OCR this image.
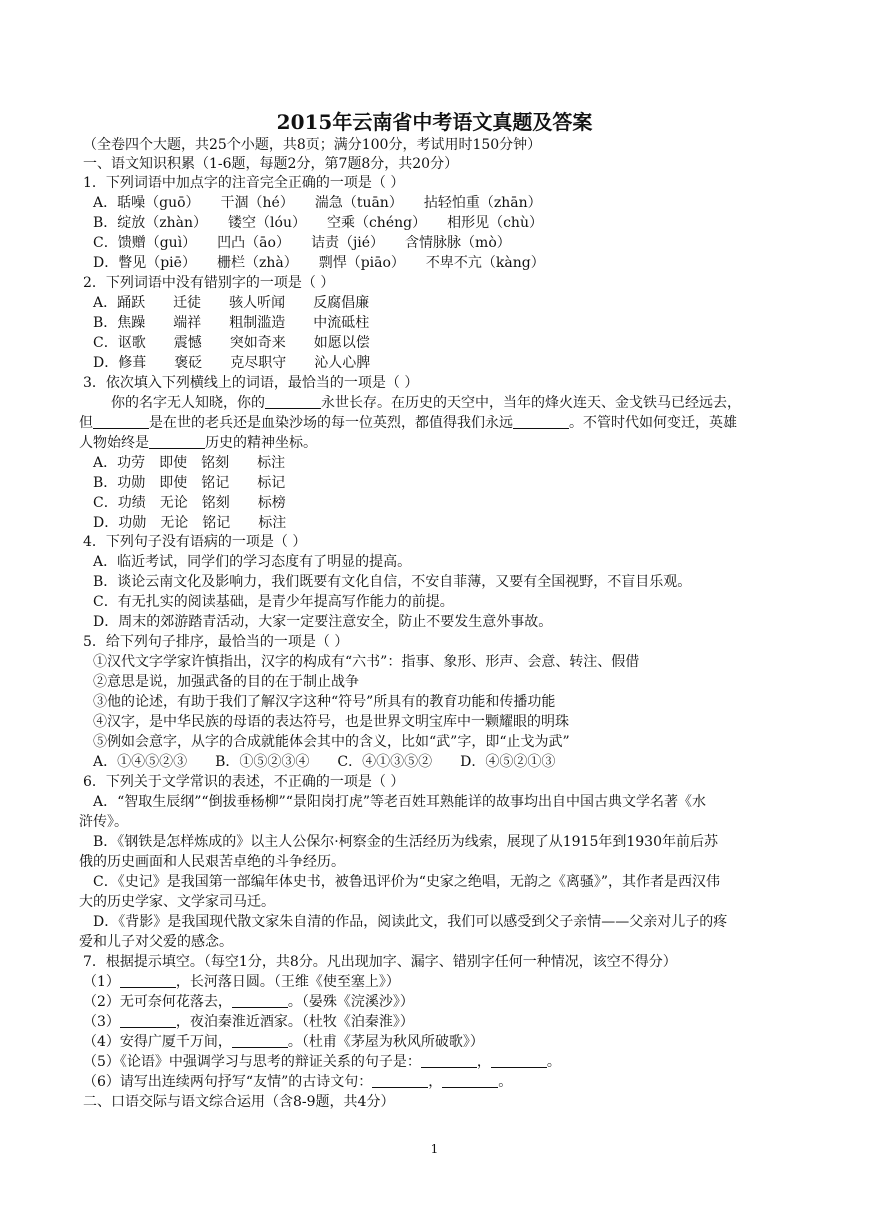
2015年云南省中考语文真题及答案
（全卷四个大题，共25个小题，共8页；满分100分，考试用时150分钟）
一、语文知识积累（1-6题，每题2分，第7题8分，共20分）
1．下列词语中加点字的注音完全正确的一项是（ ）
A．聒噪（guō）　　干涸（hé）　　湍急（tuān）　　拈轻怕重（zhān）
B．绽放（zhàn）　　镂空（lóu）　　空乘（chéng）　　相形见（chù）
C．馈赠（guì）　　凹凸（āo）　　诘责（jié）　　含情脉脉（mò）
D．瞥见（piē）　　栅栏（zhà）　　剽悍（piāo）　　不卑不亢（kàng）
2．下列词语中没有错别字的一项是（ ）
A．踊跃　　迁徒　　骇人听闻　　反腐倡廉
B．焦躁　　端祥　　粗制滥造　　中流砥柱
C．讴歌　　震憾　　突如奇来　　如愿以偿
D．修葺　　褒砭　　克尽职守　　沁人心脾
3．依次填入下列横线上的词语，最恰当的一项是（ ）
你的名字无人知晓，你的	永世长存。在历史的天空中，当年的烽火连天、金戈铁马已经远去，
但	是在世的老兵还是血染沙场的每一位英烈，都值得我们永远	。不管时代如何变迁，英雄
人物始终是	历史的精神坐标。
A．功劳　即使　铭刻　　标注
B．功勋　即使　铭记　　标记
C．功绩　无论　铭刻　　标榜
D．功勋　无论　铭记　　标注
4．下列句子没有语病的一项是（ ）
A．临近考试，同学们的学习态度有了明显的提高。
B．谈论云南文化及影响力，我们既要有文化自信，不安自菲薄，又要有全国视野，不盲目乐观。
C．有无扎实的阅读基础，是青少年提高写作能力的前提。
D．周末的郊游踏青活动，大家一定要注意安全，防止不要发生意外事故。
5．给下列句子排序，最恰当的一项是（ ）
①汉代文字学家许慎指出，汉字的构成有“六书”：指事、象形、形声、会意、转注、假借
②意思是说，加强武备的目的在于制止战争
③他的论述，有助于我们了解汉字这种“符号”所具有的教育功能和传播功能
④汉字，是中华民族的母语的表达符号，也是世界文明宝库中一颗耀眼的明珠
⑤例如会意字，从字的合成就能体会其中的含义，比如“武”字，即“止戈为武”
A．①④⑤②③　　B．①⑤②③④　　C．④①③⑤②　　D．④⑤②①③
6．下列关于文学常识的表述，不正确的一项是（ ）
A．“智取生辰纲”“倒拔垂杨柳”“景阳岗打虎”等老百姓耳熟能详的故事均出自中国古典文学名著《水
浒传》。
B．《钢铁是怎样炼成的》以主人公保尔·柯察金的生活经历为线索，展现了从1915年到1930年前后苏
俄的历史画面和人民艰苦卓绝的斗争经历。
C．《史记》是我国第一部编年体史书，被鲁迅评价为“史家之绝唱，无韵之《离骚》”，其作者是西汉伟
大的历史学家、文学家司马迁。
D．《背影》是我国现代散文家朱自清的作品，阅读此文，我们可以感受到父子亲情——父亲对儿子的疼
爱和儿子对父爱的感念。
7．根据提示填空。（每空1分，共8分。凡出现加字、漏字、错别字任何一种情况，该空不得分）
（1）	，长河落日圆。（王维《使至塞上》）
（2）无可奈何花落去，	。（晏殊《浣溪沙》）
（3）	，夜泊秦淮近酒家。（杜牧《泊秦淮》）
（4）安得广厦千万间，	。（杜甫《茅屋为秋风所破歌》）
（5）《论语》中强调学习与思考的辩证关系的句子是：	，	。
（6）请写出连续两句抒写“友情”的古诗文句：	，	。
二、口语交际与语文综合运用（含8-9题，共4分）
1
